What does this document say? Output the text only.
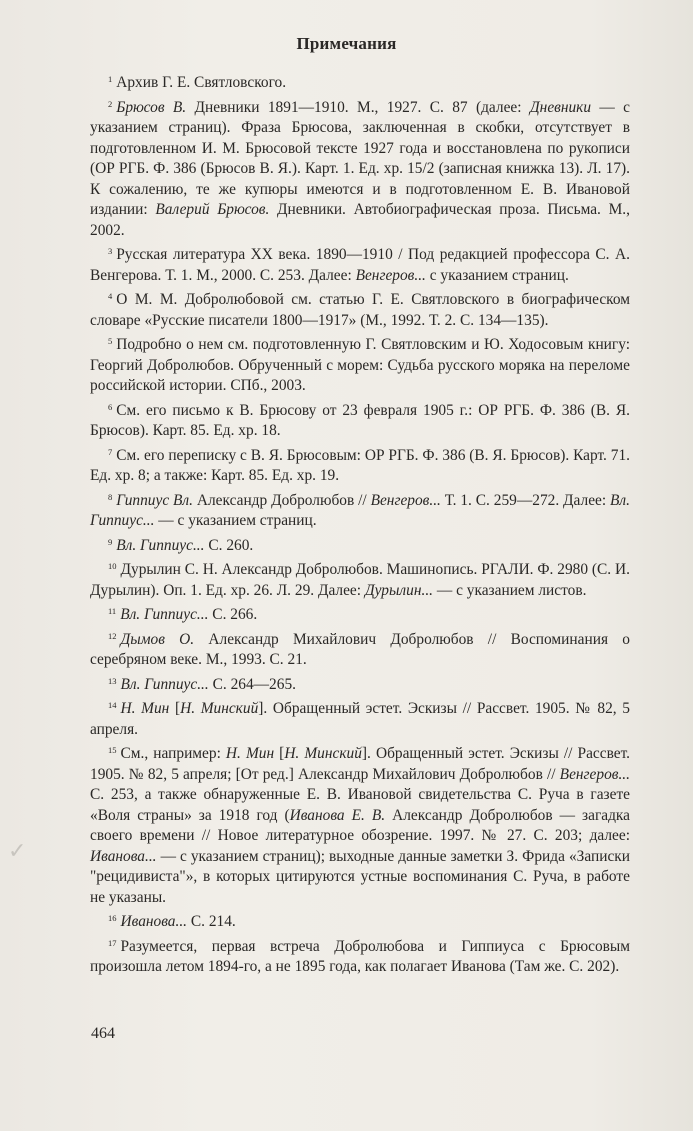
Примечания

$^1$ Архив Г. Е. Святловского.

$^2$ Брюсов В. Дневники 1891—1910. М., 1927. С. 87 (далее: Дневники — с указанием страниц). Фраза Брюсова, заключенная в скобки, отсутствует в подготовленном И. М. Брюсовой тексте 1927 года и восстановлена по рукописи (ОР РГБ. Ф. 386 (Брюсов В. Я.). Карт. 1. Ед. хр. 15/2 (записная книжка 13). Л. 17). К сожалению, те же купюры имеются и в подготовленном Е. В. Ивановой издании: Валерий Брюсов. Дневники. Автобиографическая проза. Письма. М., 2002.

$^3$ Русская литература XX века. 1890—1910 / Под редакцией профессора С. А. Венгерова. Т. 1. М., 2000. С. 253. Далее: Венгеров... с указанием страниц.

$^4$ О М. М. Добролюбовой см. статью Г. Е. Святловского в биографическом словаре «Русские писатели 1800—1917» (М., 1992. Т. 2. С. 134—135).

$^5$ Подробно о нем см. подготовленную Г. Святловским и Ю. Ходосовым книгу: Георгий Добролюбов. Обрученный с морем: Судьба русского моряка на переломе российской истории. СПб., 2003.

$^6$ См. его письмо к В. Брюсову от 23 февраля 1905 г.: ОР РГБ. Ф. 386 (В. Я. Брюсов). Карт. 85. Ед. хр. 18.

$^7$ См. его переписку с В. Я. Брюсовым: ОР РГБ. Ф. 386 (В. Я. Брюсов). Карт. 71. Ед. хр. 8; а также: Карт. 85. Ед. хр. 19.

$^8$ Гиппиус Вл. Александр Добролюбов // Венгеров... Т. 1. С. 259—272. Далее: Вл. Гиппиус... — с указанием страниц.

$^9$ Вл. Гиппиус... С. 260.

$^{10}$ Дурылин С. Н. Александр Добролюбов. Машинопись. РГАЛИ. Ф. 2980 (С. И. Дурылин). Оп. 1. Ед. хр. 26. Л. 29. Далее: Дурылин... — с указанием листов.

$^{11}$ Вл. Гиппиус... С. 266.

$^{12}$ Дымов О. Александр Михайлович Добролюбов // Воспоминания о серебряном веке. М., 1993. С. 21.

$^{13}$ Вл. Гиппиус... С. 264—265.

$^{14}$ Н. Мин [Н. Минский]. Обращенный эстет. Эскизы // Рассвет. 1905. № 82, 5 апреля.

$^{15}$ См., например: Н. Мин [Н. Минский]. Обращенный эстет. Эскизы // Рассвет. 1905. № 82, 5 апреля; [От ред.] Александр Михайлович Добролюбов // Венгеров... С. 253, а также обнаруженные Е. В. Ивановой свидетельства С. Руча в газете «Воля страны» за 1918 год (Иванова Е. В. Александр Добролюбов — загадка своего времени // Новое литературное обозрение. 1997. № 27. С. 203; далее: Иванова... — с указанием страниц); выходные данные заметки З. Фрида «Записки "рецидивиста"», в которых цитируются устные воспоминания С. Руча, в работе не указаны.

$^{16}$ Иванова... С. 214.

$^{17}$ Разумеется, первая встреча Добролюбова и Гиппиуса с Брюсовым произошла летом 1894-го, а не 1895 года, как полагает Иванова (Там же. С. 202).

464
✓
